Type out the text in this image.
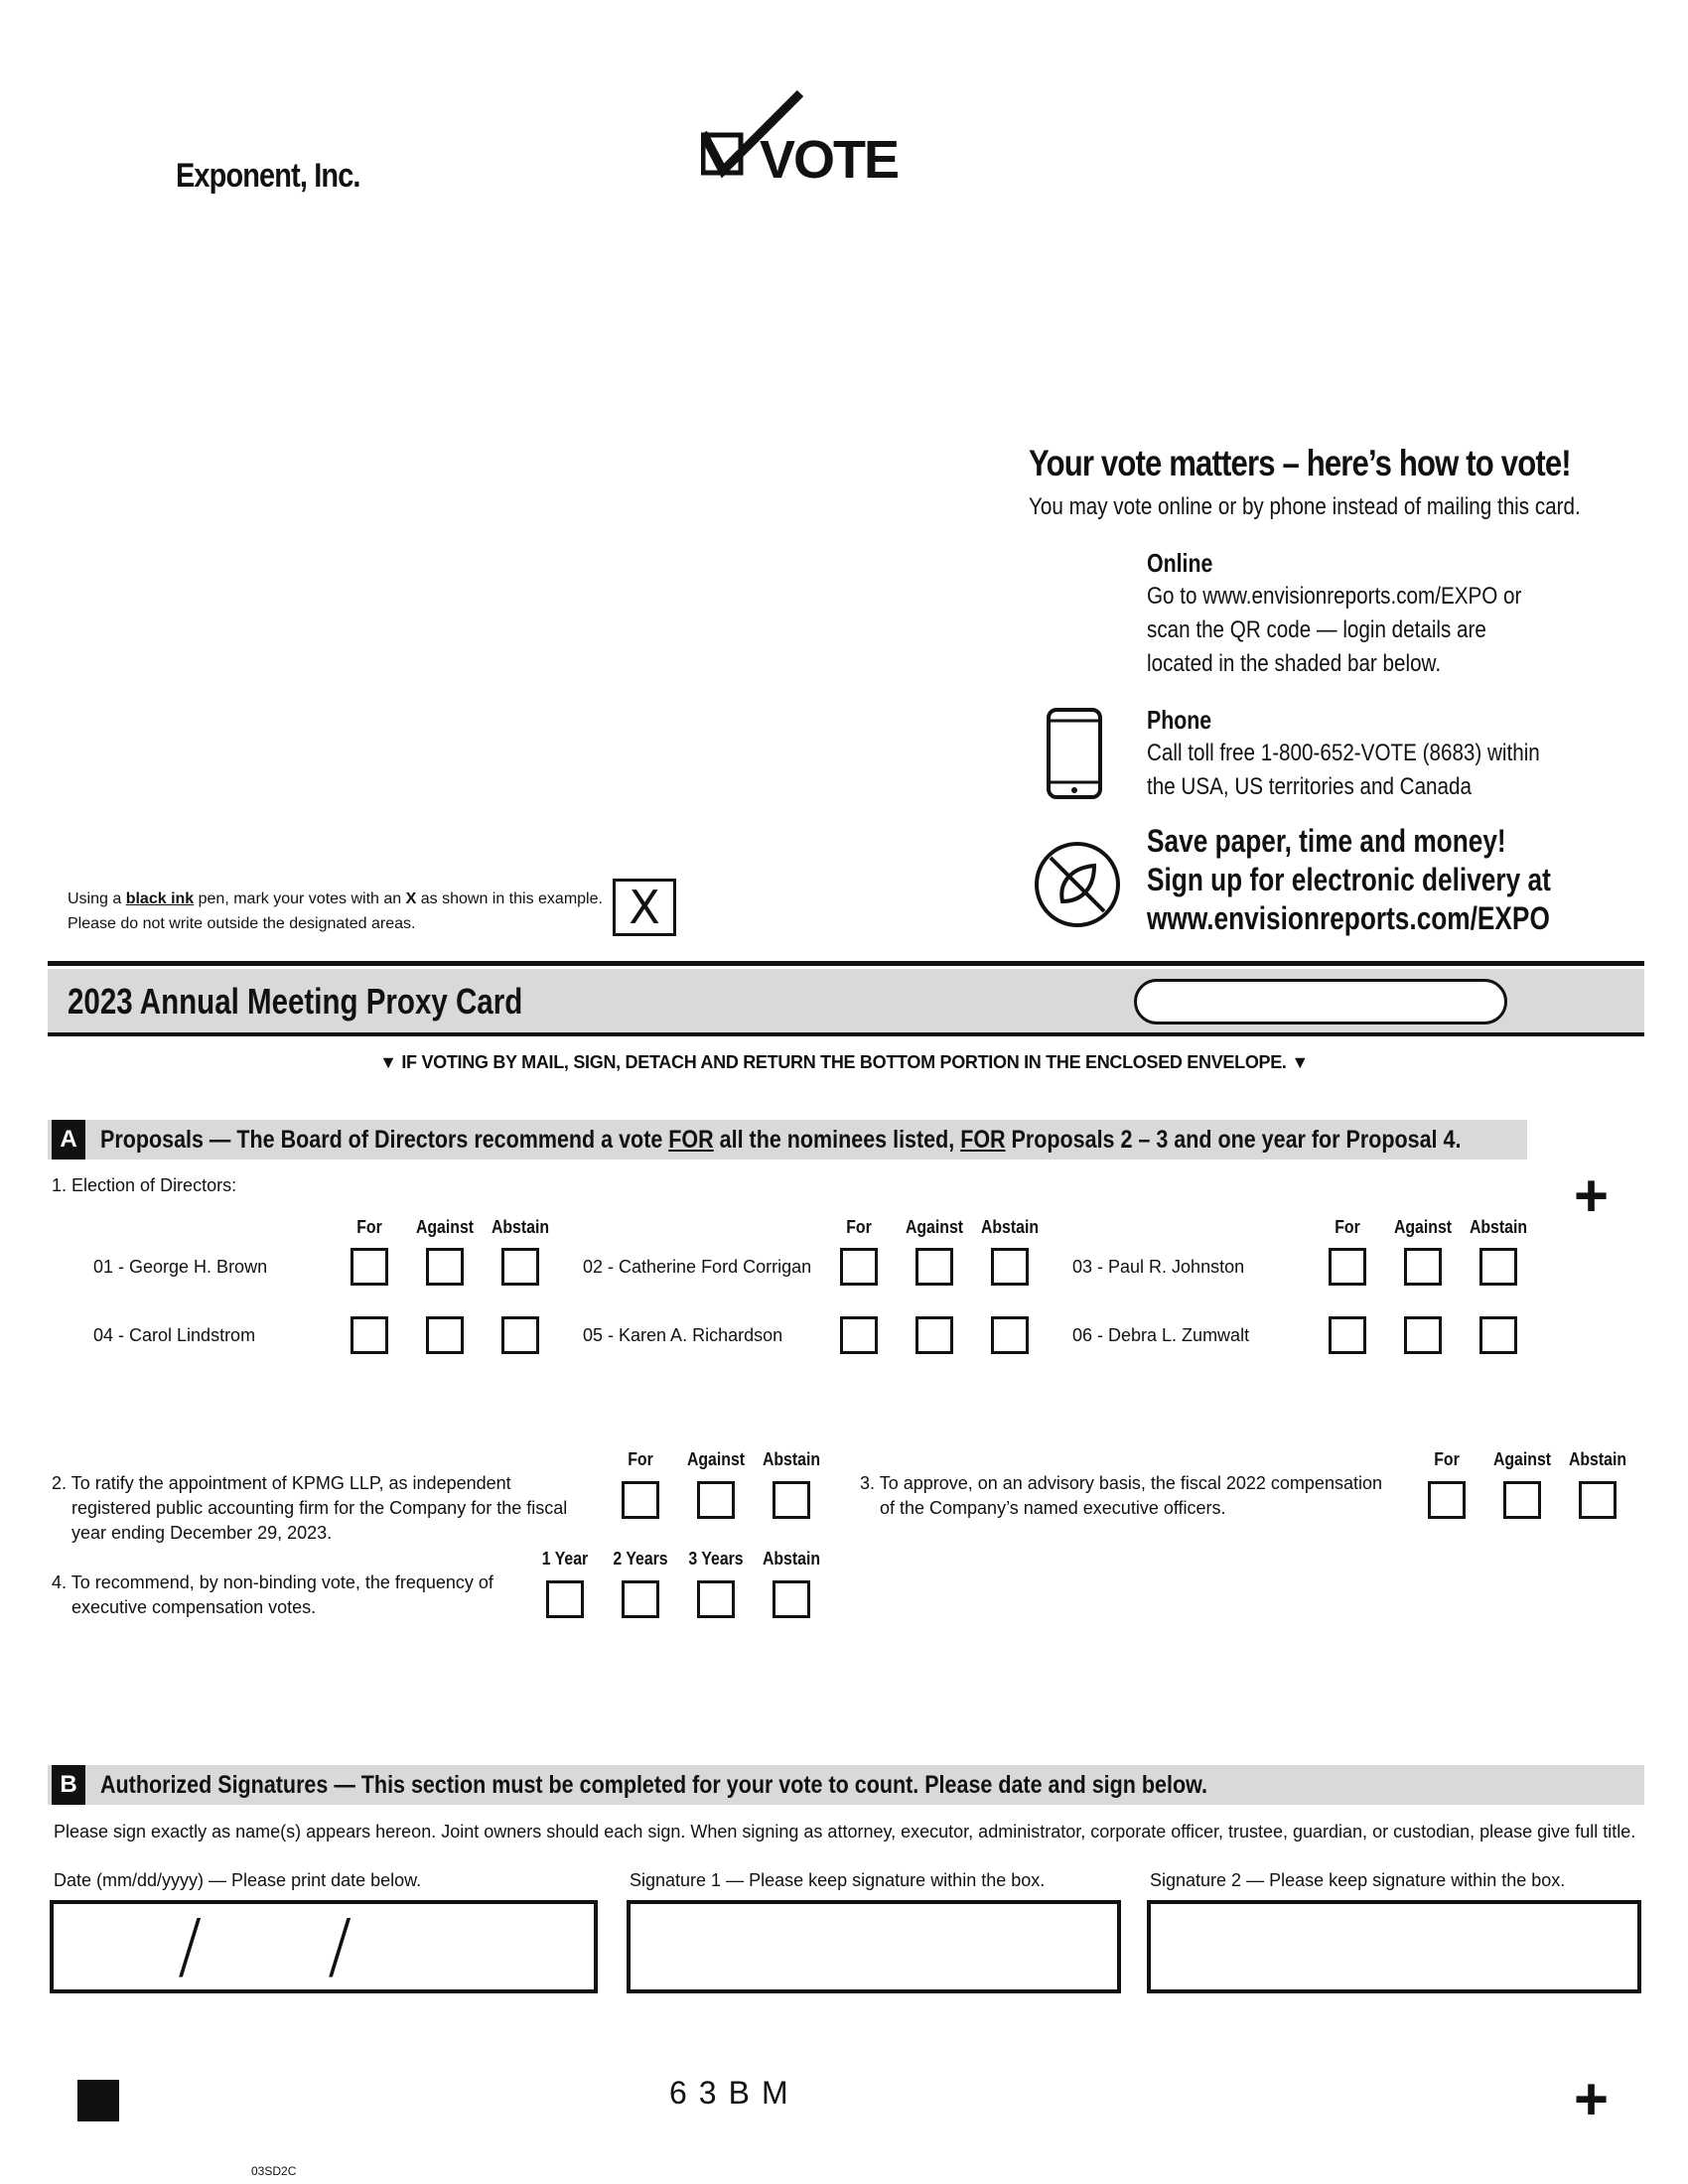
Exponent, Inc.	VOTE
Your vote matters – here’s how to vote!
You may vote online or by phone instead of mailing this card.
Online
Go to www.envisionreports.com/EXPO or
scan the QR code — login details are
located in the shaded bar below.
Phone
Call toll free 1-800-652-VOTE (8683) within
the USA, US territories and Canada
Save paper, time and money!
Sign up for electronic delivery at
www.envisionreports.com/EXPO
Using a black ink pen, mark your votes with an X as shown in this example.
Please do not write outside the designated areas.	X
2023 Annual Meeting Proxy Card
▼ IF VOTING BY MAIL, SIGN, DETACH AND RETURN THE BOTTOM PORTION IN THE ENCLOSED ENVELOPE. ▼
A Proposals — The Board of Directors recommend a vote FOR all the nominees listed, FOR Proposals 2 – 3 and one year for Proposal 4.
+
1. Election of Directors:
For	Against Abstain	For	Against Abstain	For	Against Abstain
01 - George H. Brown	02 - Catherine Ford Corrigan	03 - Paul R. Johnston
04 - Carol Lindstrom	05 - Karen A. Richardson	06 - Debra L. Zumwalt
2. To ratify the appointment of KPMG LLP, as independent
registered public accounting firm for the Company for the fiscal
year ending December 29, 2023.
For	Against Abstain
3. To approve, on an advisory basis, the fiscal 2022 compensation
of the Company’s named executive officers.
For	Against Abstain
4. To recommend, by non-binding vote, the frequency of
executive compensation votes.
1 Year	2 Years	3 Years	Abstain
B Authorized Signatures — This section must be completed for your vote to count. Please date and sign below.
Please sign exactly as name(s) appears hereon. Joint owners should each sign. When signing as attorney, executor, administrator, corporate officer, trustee, guardian, or custodian, please give full title.
Date (mm/dd/yyyy) — Please print date below.	Signature 1 — Please keep signature within the box.	Signature 2 — Please keep signature within the box.
/ /
63BM	+
03SD2C
